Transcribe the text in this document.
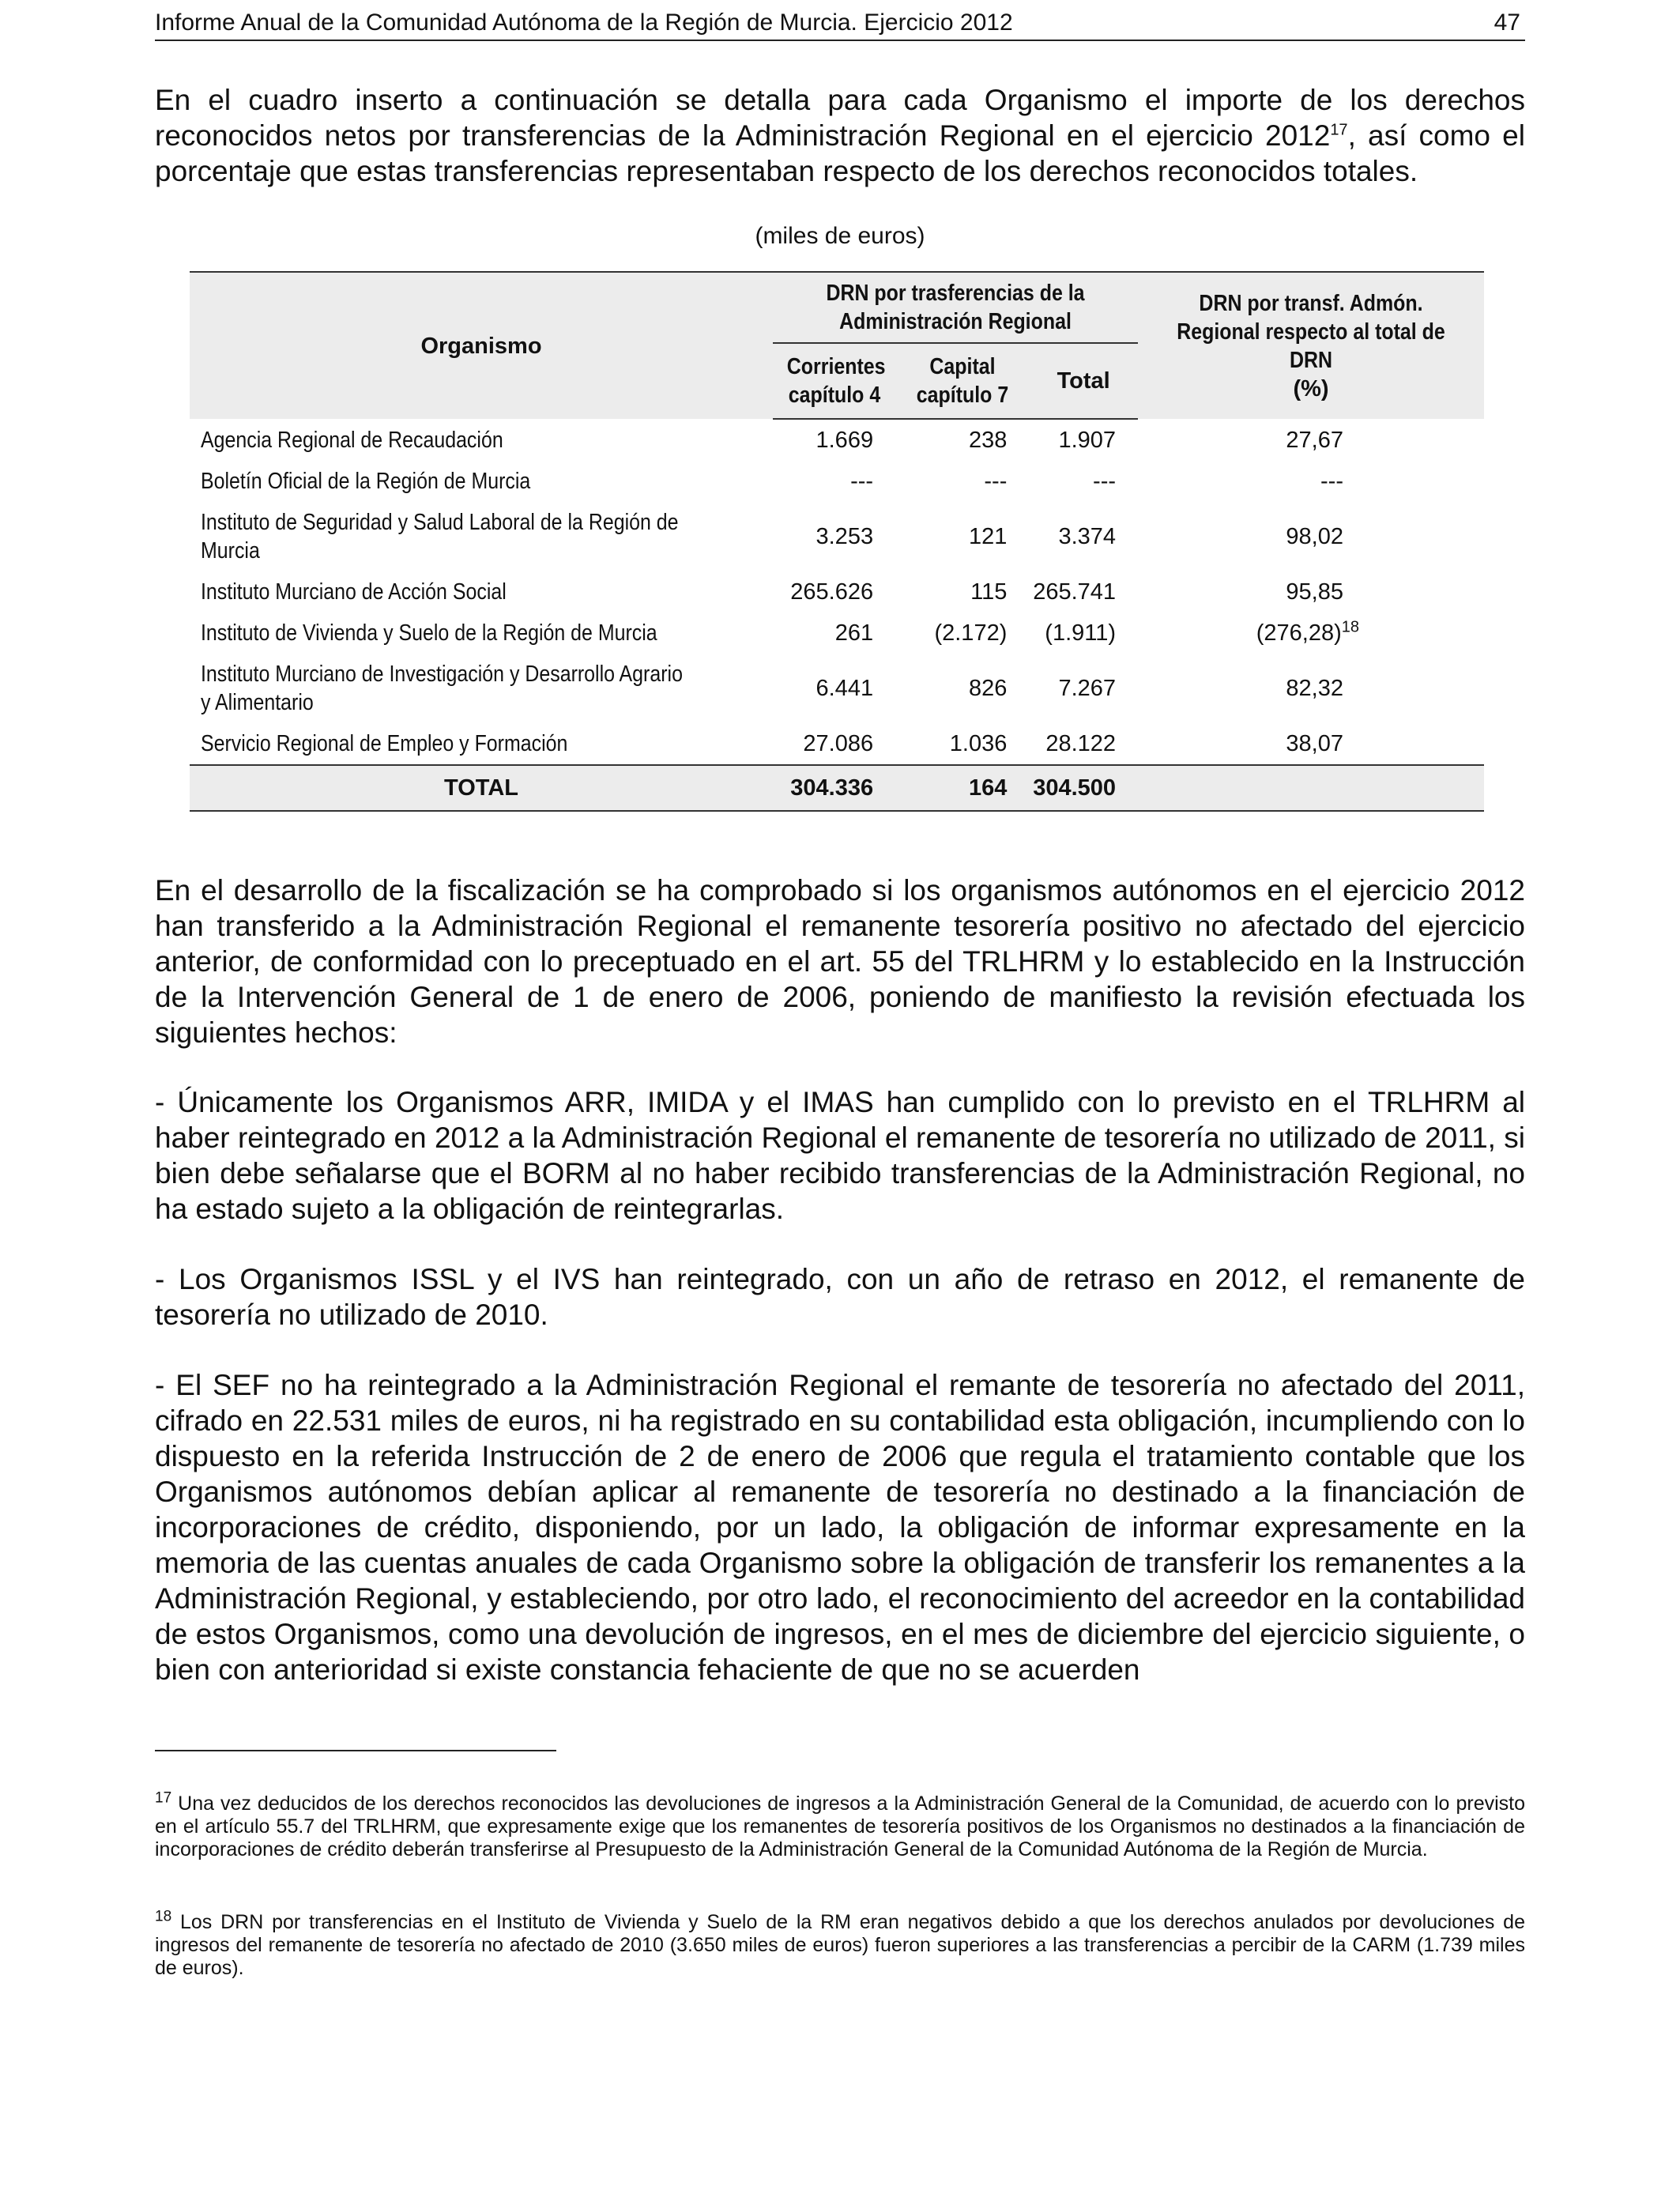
Informe Anual de la Comunidad Autónoma de la Región de Murcia. Ejercicio 2012	47
En el cuadro inserto a continuación se detalla para cada Organismo el importe de los derechos reconocidos netos por transferencias de la Administración Regional en el ejercicio 2012$^{17}$, así como el porcentaje que estas transferencias representaban respecto de los derechos reconocidos totales.
(miles de euros)
Organismo	DRN por trasferencias de la Administración Regional			DRN por transf. Admón. Regional respecto al total de DRN
(%)

	Corrientes capítulo 4	Capital capítulo 7	Total	
Agencia Regional de Recaudación	1.669	238	1.907	27,67
Boletín Oficial de la Región de Murcia	---	---	---	---
Instituto de Seguridad y Salud Laboral de la Región de Murcia	3.253	121	3.374	98,02
Instituto Murciano de Acción Social	265.626	115	265.741	95,85
Instituto de Vivienda y Suelo de la Región de Murcia	261	(2.172)	(1.911)	$(276,28)^{18}$
Instituto Murciano de Investigación y Desarrollo Agrario y Alimentario	6.441	826	7.267	82,32
Servicio Regional de Empleo y Formación	27.086	1.036	28.122	38,07
TOTAL	304.336	164	304.500	
En el desarrollo de la fiscalización se ha comprobado si los organismos autónomos en el ejercicio 2012 han transferido a la Administración Regional el remanente tesorería positivo no afectado del ejercicio anterior, de conformidad con lo preceptuado en el art. 55 del TRLHRM y lo establecido en la Instrucción de la Intervención General de 1 de enero de 2006, poniendo de manifiesto la revisión efectuada los siguientes hechos:
- Únicamente los Organismos ARR, IMIDA y el IMAS han cumplido con lo previsto en el TRLHRM al haber reintegrado en 2012 a la Administración Regional el remanente de tesorería no utilizado de 2011, si bien debe señalarse que el BORM al no haber recibido transferencias de la Administración Regional, no ha estado sujeto a la obligación de reintegrarlas.
- Los Organismos ISSL y el IVS han reintegrado, con un año de retraso en 2012, el remanente de tesorería no utilizado de 2010.
- El SEF no ha reintegrado a la Administración Regional el remante de tesorería no afectado del 2011, cifrado en 22.531 miles de euros, ni ha registrado en su contabilidad esta obligación, incumpliendo con lo dispuesto en la referida Instrucción de 2 de enero de 2006 que regula el tratamiento contable que los Organismos autónomos debían aplicar al remanente de tesorería no destinado a la financiación de incorporaciones de crédito, disponiendo, por un lado, la obligación de informar expresamente en la memoria de las cuentas anuales de cada Organismo sobre la obligación de transferir los remanentes a la Administración Regional, y estableciendo, por otro lado, el reconocimiento del acreedor en la contabilidad de estos Organismos, como una devolución de ingresos, en el mes de diciembre del ejercicio siguiente, o bien con anterioridad si existe constancia fehaciente de que no se acuerden
$^{17}$ Una vez deducidos de los derechos reconocidos las devoluciones de ingresos a la Administración General de la Comunidad, de acuerdo con lo previsto en el artículo 55.7 del TRLHRM, que expresamente exige que los remanentes de tesorería positivos de los Organismos no destinados a la financiación de incorporaciones de crédito deberán transferirse al Presupuesto de la Administración General de la Comunidad Autónoma de la Región de Murcia.
$^{18}$ Los DRN por transferencias en el Instituto de Vivienda y Suelo de la RM eran negativos debido a que los derechos anulados por devoluciones de ingresos del remanente de tesorería no afectado de 2010 (3.650 miles de euros) fueron superiores a las transferencias a percibir de la CARM (1.739 miles de euros).
